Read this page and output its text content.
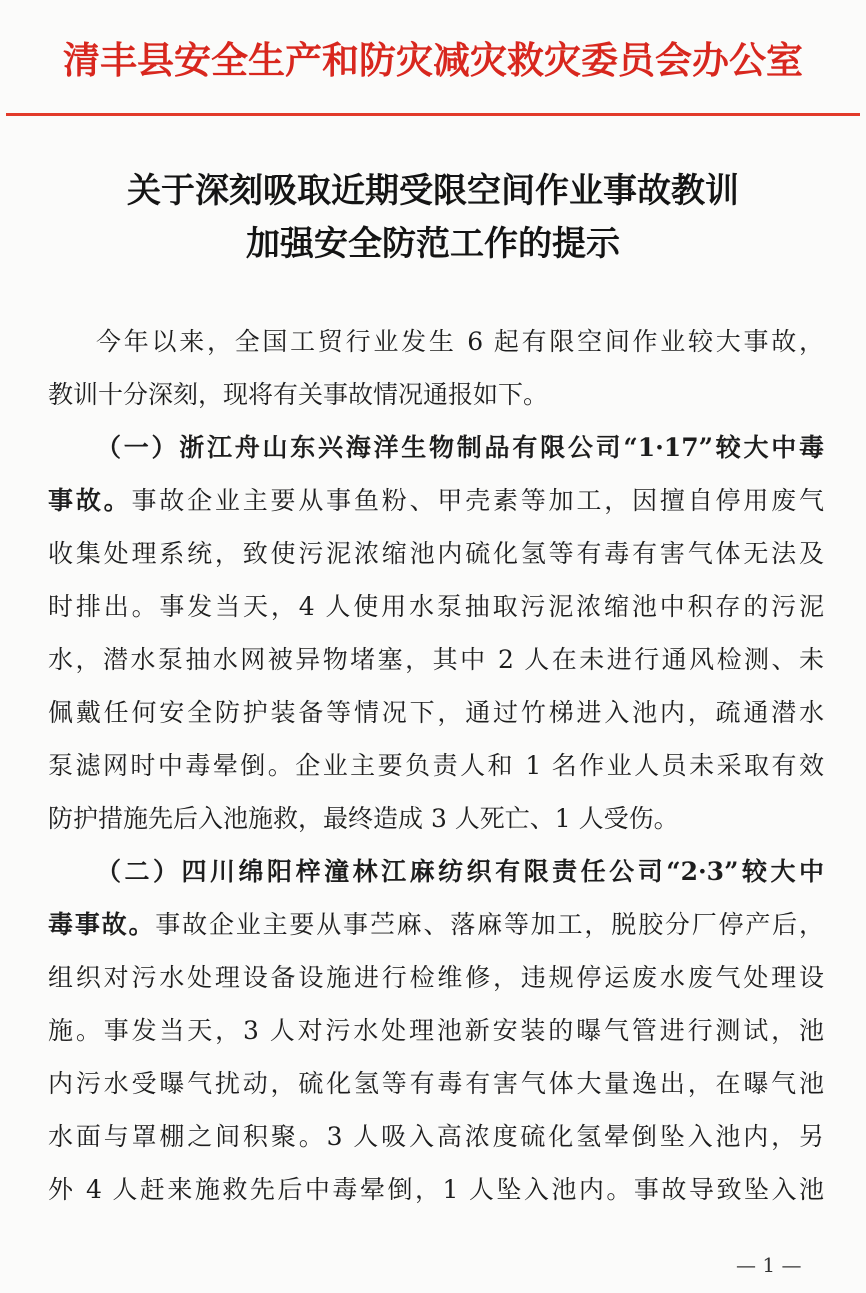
清丰县安全生产和防灾减灾救灾委员会办公室
关于深刻吸取近期受限空间作业事故教训
加强安全防范工作的提示
今年以来，全国工贸行业发生 6 起有限空间作业较大事故，
教训十分深刻，现将有关事故情况通报如下。
（一）浙江舟山东兴海洋生物制品有限公司“1·17”较大中毒
事故。事故企业主要从事鱼粉、甲壳素等加工，因擅自停用废气
收集处理系统，致使污泥浓缩池内硫化氢等有毒有害气体无法及
时排出。事发当天，4 人使用水泵抽取污泥浓缩池中积存的污泥
水，潜水泵抽水网被异物堵塞，其中 2 人在未进行通风检测、未
佩戴任何安全防护装备等情况下，通过竹梯进入池内，疏通潜水
泵滤网时中毒晕倒。企业主要负责人和 1 名作业人员未采取有效
防护措施先后入池施救，最终造成 3 人死亡、1 人受伤。
（二）四川绵阳梓潼林江麻纺织有限责任公司“2·3”较大中
毒事故。事故企业主要从事苎麻、落麻等加工，脱胶分厂停产后，
组织对污水处理设备设施进行检维修，违规停运废水废气处理设
施。事发当天，3 人对污水处理池新安装的曝气管进行测试，池
内污水受曝气扰动，硫化氢等有毒有害气体大量逸出，在曝气池
水面与罩棚之间积聚。3 人吸入高浓度硫化氢晕倒坠入池内，另
外 4 人赶来施救先后中毒晕倒，1 人坠入池内。事故导致坠入池
— 1 —
